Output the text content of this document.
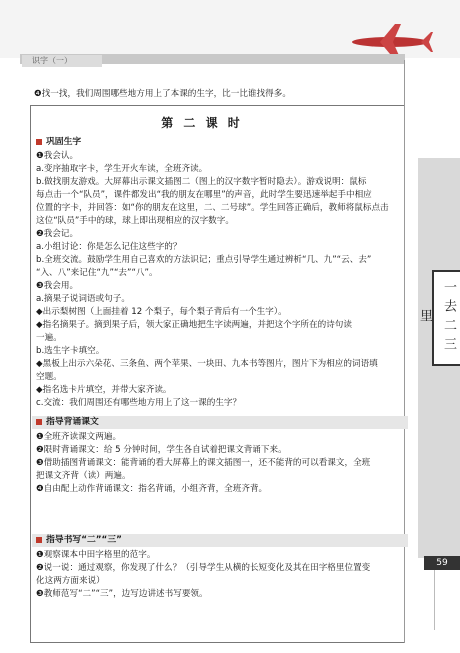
识字（一）
❹找一找，我们周围哪些地方用上了本课的生字，比一比谁找得多。
第 二 课 时
巩固生字
❶我会认。
a.变序抽取字卡，学生开火车读，全班齐读。
b.做找朋友游戏。大屏幕出示课文插图二（图上的汉字数字暂时隐去）。游戏说明：鼠标
每点击一个“队员”，课件都发出“我的朋友在哪里”的声音，此时学生要迅速举起手中相应
位置的字卡，并回答：如“你的朋友在这里，二、二号球”。学生回答正确后，教师将鼠标点击
这位“队员”手中的球，球上即出现相应的汉字数字。
❷我会记。
a.小组讨论：你是怎么记住这些字的？
b.全班交流。鼓励学生用自己喜欢的方法识记；重点引导学生通过辨析“几、九”“云、去”
“入、八”来记住“九”“去”“八”。
❸我会用。
a.摘果子说词语或句子。
◆出示梨树图（上面挂着 12 个梨子，每个梨子背后有一个生字）。
◆指名摘果子。摘到果子后，领大家正确地把生字读两遍，并把这个字所在的诗句读
一遍。
b.选生字卡填空。
◆黑板上出示六朵花、三条鱼、两个苹果、一块田、九本书等图片，图片下为相应的词语填
空题。
◆指名选卡片填空，并带大家齐读。
c.交流：我们周围还有哪些地方用上了这一课的生字？
指导背诵课文
❶全班齐读课文两遍。
❷限时背诵课文：给 5 分钟时间，学生各自试着把课文背诵下来。
❸借助插图背诵课文：能背诵的看大屏幕上的课文插图一，还不能背的可以看课文，全班
把课文齐背（读）两遍。
❹自由配上动作背诵课文：指名背诵，小组齐背，全班齐背。
指导书写“二”“三”
❶观察课本中田字格里的范字。
❷说一说：通过观察，你发现了什么？（引导学生从横的长短变化及其在田字格里位置变
化这两方面来说）
❸教师范写“二”“三”，边写边讲述书写要领。
一去二三里
59
